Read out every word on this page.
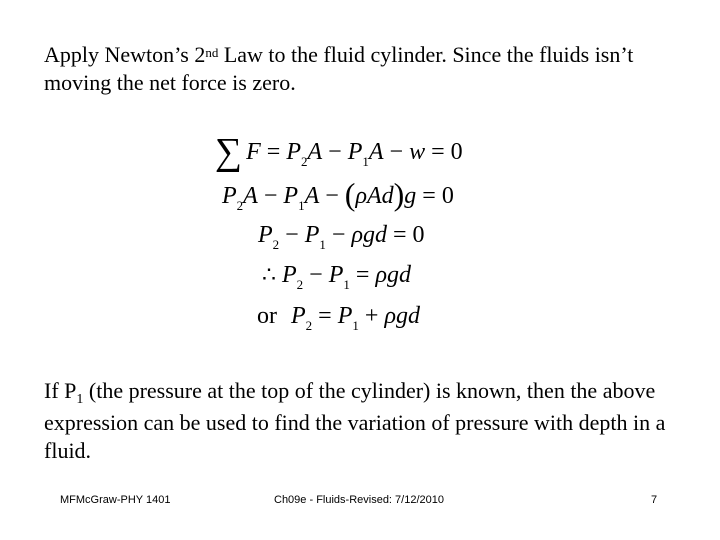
Apply Newton’s 2nd Law to the fluid cylinder. Since the fluids isn’t moving the net force is zero.

∑ $F = P_2A - P_1A - w = 0$
$P_2A - P_1A - (\rho Ad)g = 0$
$P_2 - P_1 - \rho gd = 0$
∴ $P_2 - P_1 = \rho gd$
or $P_2 = P_1 + \rho gd$

If $P_1$ (the pressure at the top of the cylinder) is known, then the above expression can be used to find the variation of pressure with depth in a fluid.

MFMcGraw-PHY 1401	Ch09e - Fluids-Revised: 7/12/2010	7
